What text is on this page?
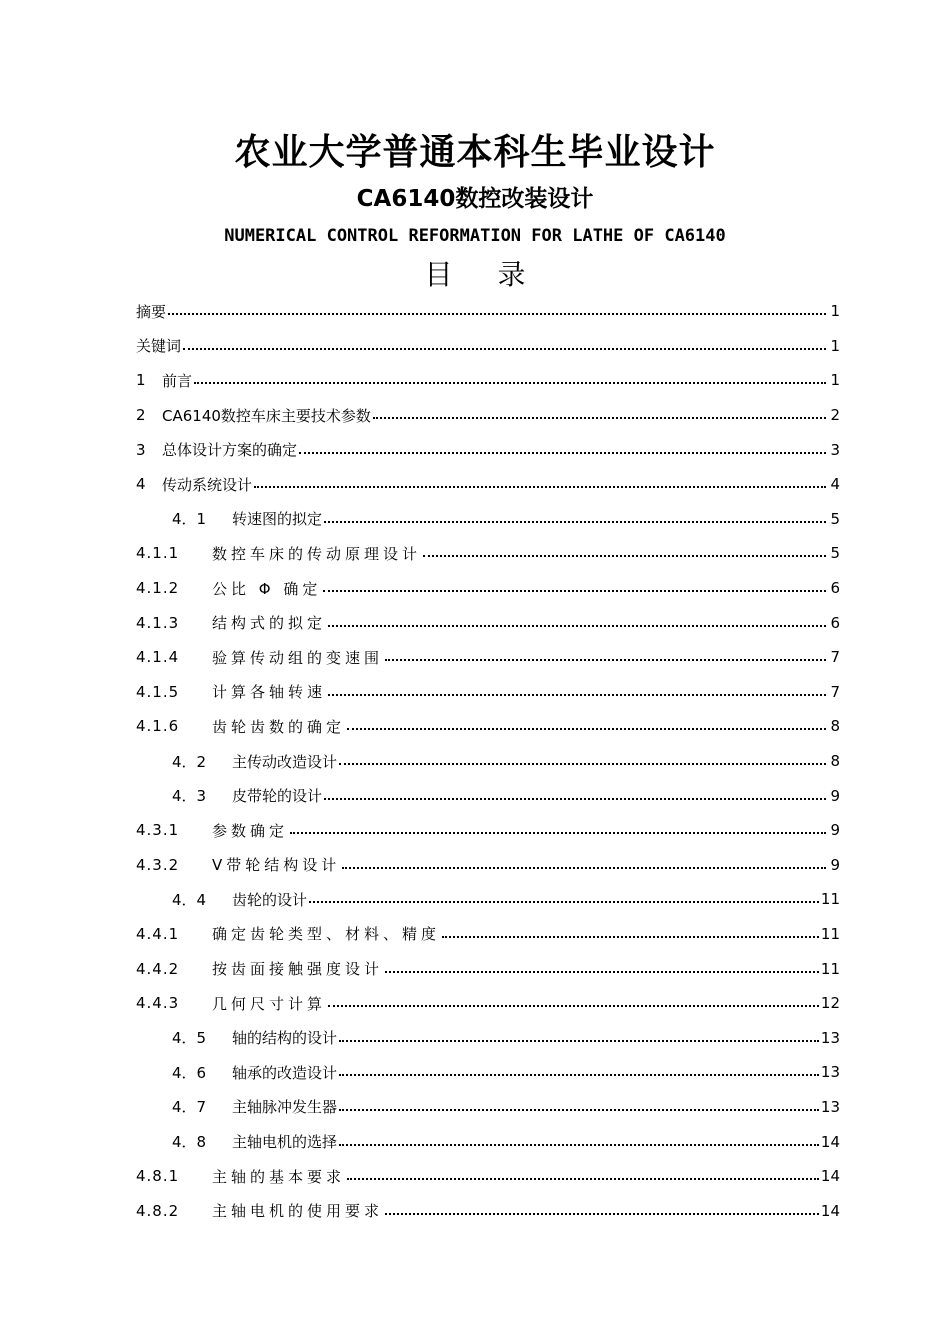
农业大学普通本科生毕业设计
CA6140数控改装设计
NUMERICAL CONTROL REFORMATION FOR LATHE OF CA6140
目 录
摘要	1
关键词	1
1	前言	1
2	CA6140数控车床主要技术参数	2
3	总体设计方案的确定	3
4	传动系统设计	4
4．1	转速图的拟定	5
4.1.1	数控车床的传动原理设计	5
4.1.2	公比 Φ 确定	6
4.1.3	结构式的拟定	6
4.1.4	验算传动组的变速围	7
4.1.5	计算各轴转速	7
4.1.6	齿轮齿数的确定	8
4．2	主传动改造设计	8
4．3	皮带轮的设计	9
4.3.1	参数确定	9
4.3.2	V带轮结构设计	9
4．4	齿轮的设计	11
4.4.1	确定齿轮类型、材料、精度	11
4.4.2	按齿面接触强度设计	11
4.4.3	几何尺寸计算	12
4．5	轴的结构的设计	13
4．6	轴承的改造设计	13
4．7	主轴脉冲发生器	13
4．8	主轴电机的选择	14
4.8.1	主轴的基本要求	14
4.8.2	主轴电机的使用要求	14
